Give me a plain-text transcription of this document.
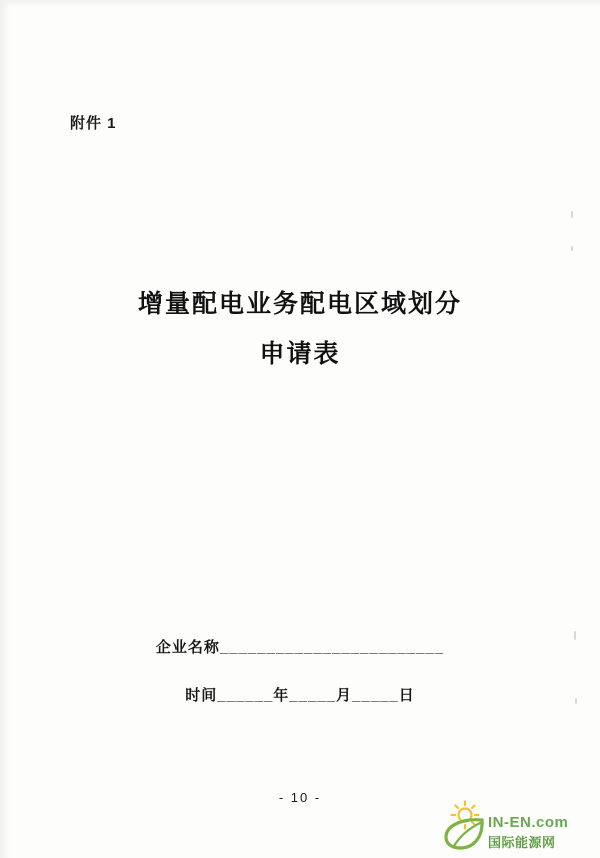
附件 1
增量配电业务配电区域划分
申请表
企业名称________________________
时间______年_____月_____日
- 10 -
IN-EN.com
国际能源网
